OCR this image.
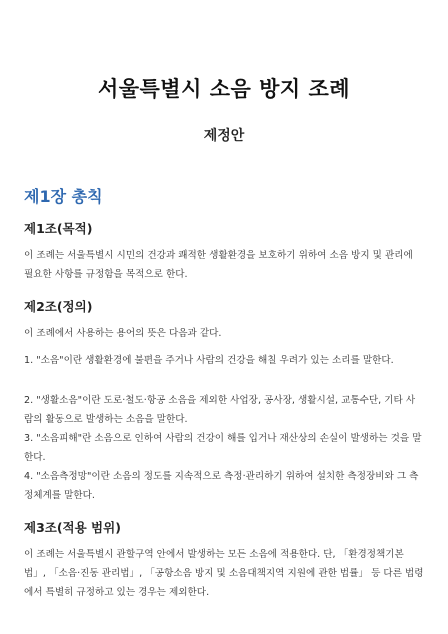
서울특별시 소음 방지 조례
제정안
제1장 총칙
제1조(목적)

이 조례는 서울특별시 시민의 건강과 쾌적한 생활환경을 보호하기 위하여 소음 방지 및 관리에 필요한 사항를 규정함을 목적으로 한다.

제2조(정의)

이 조례에서 사용하는 용어의 뜻은 다음과 같다.

1. "소음"이란 생활환경에 불편을 주거나 사람의 건강을 해칠 우려가 있는 소리를 말한다.

2. "생활소음"이란 도로·철도·항공 소음을 제외한 사업장, 공사장, 생활시설, 교통수단, 기타 사람의 활동으로 발생하는 소음을 말한다.

3. "소음피해"란 소음으로 인하여 사람의 건강이 해를 입거나 재산상의 손실이 발생하는 것을 말한다.

4. "소음측정망"이란 소음의 정도를 지속적으로 측정·관리하기 위하여 설치한 측정장비와 그 측정체계를 말한다.

제3조(적용 범위)

이 조례는 서울특별시 관할구역 안에서 발생하는 모든 소음에 적용한다. 단, 「환경정책기본법」, 「소음·진동 관리법」, 「공항소음 방지 및 소음대책지역 지원에 관한 법률」 등 다른 법령에서 특별히 규정하고 있는 경우는 제외한다.
